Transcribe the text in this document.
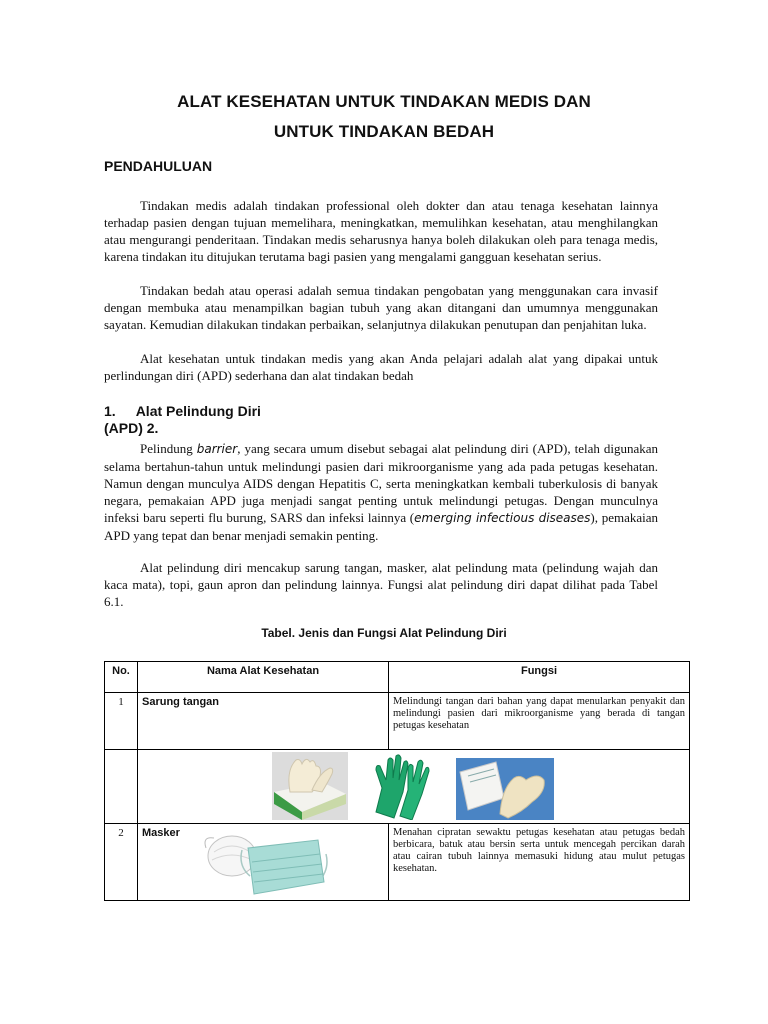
ALAT KESEHATAN UNTUK TINDAKAN MEDIS DAN
UNTUK TINDAKAN BEDAH
PENDAHULUAN

Tindakan medis adalah tindakan professional oleh dokter dan atau tenaga kesehatan lainnya terhadap pasien dengan tujuan memelihara, meningkatkan, memulihkan kesehatan, atau menghilangkan atau mengurangi penderitaan. Tindakan medis seharusnya hanya boleh dilakukan oleh para tenaga medis, karena tindakan itu ditujukan terutama bagi pasien yang mengalami gangguan kesehatan serius.

Tindakan bedah atau operasi adalah semua tindakan pengobatan yang menggunakan cara invasif dengan membuka atau menampilkan bagian tubuh yang akan ditangani dan umumnya menggunakan sayatan. Kemudian dilakukan tindakan perbaikan, selanjutnya dilakukan penutupan dan penjahitan luka.

Alat kesehatan untuk tindakan medis yang akan Anda pelajari adalah alat yang dipakai untuk perlindungan diri (APD) sederhana dan alat tindakan bedah

1. Alat Pelindung Diri
(APD) 2.

Pelindung barrier, yang secara umum disebut sebagai alat pelindung diri (APD), telah digunakan selama bertahun-tahun untuk melindungi pasien dari mikroorganisme yang ada pada petugas kesehatan. Namun dengan munculya AIDS dengan Hepatitis C, serta meningkatkan kembali tuberkulosis di banyak negara, pemakaian APD juga menjadi sangat penting untuk melindungi petugas. Dengan munculnya infeksi baru seperti flu burung, SARS dan infeksi lainnya (emerging infectious diseases), pemakaian APD yang tepat dan benar menjadi semakin penting.

Alat pelindung diri mencakup sarung tangan, masker, alat pelindung mata (pelindung wajah dan kaca mata), topi, gaun apron dan pelindung lainnya. Fungsi alat pelindung diri dapat dilihat pada Tabel 6.1.

Tabel. Jenis dan Fungsi Alat Pelindung Diri
No.	Nama Alat Kesehatan	Fungsi
1	Sarung tangan	Melindungi tangan dari bahan yang dapat menularkan penyakit dan melindungi pasien dari mikroorganisme yang berada di tangan petugas kesehatan

2	Masker	Menahan cipratan sewaktu petugas kesehatan atau petugas bedah berbicara, batuk atau bersin serta untuk mencegah percikan darah atau cairan tubuh lainnya memasuki hidung atau mulut petugas kesehatan.
